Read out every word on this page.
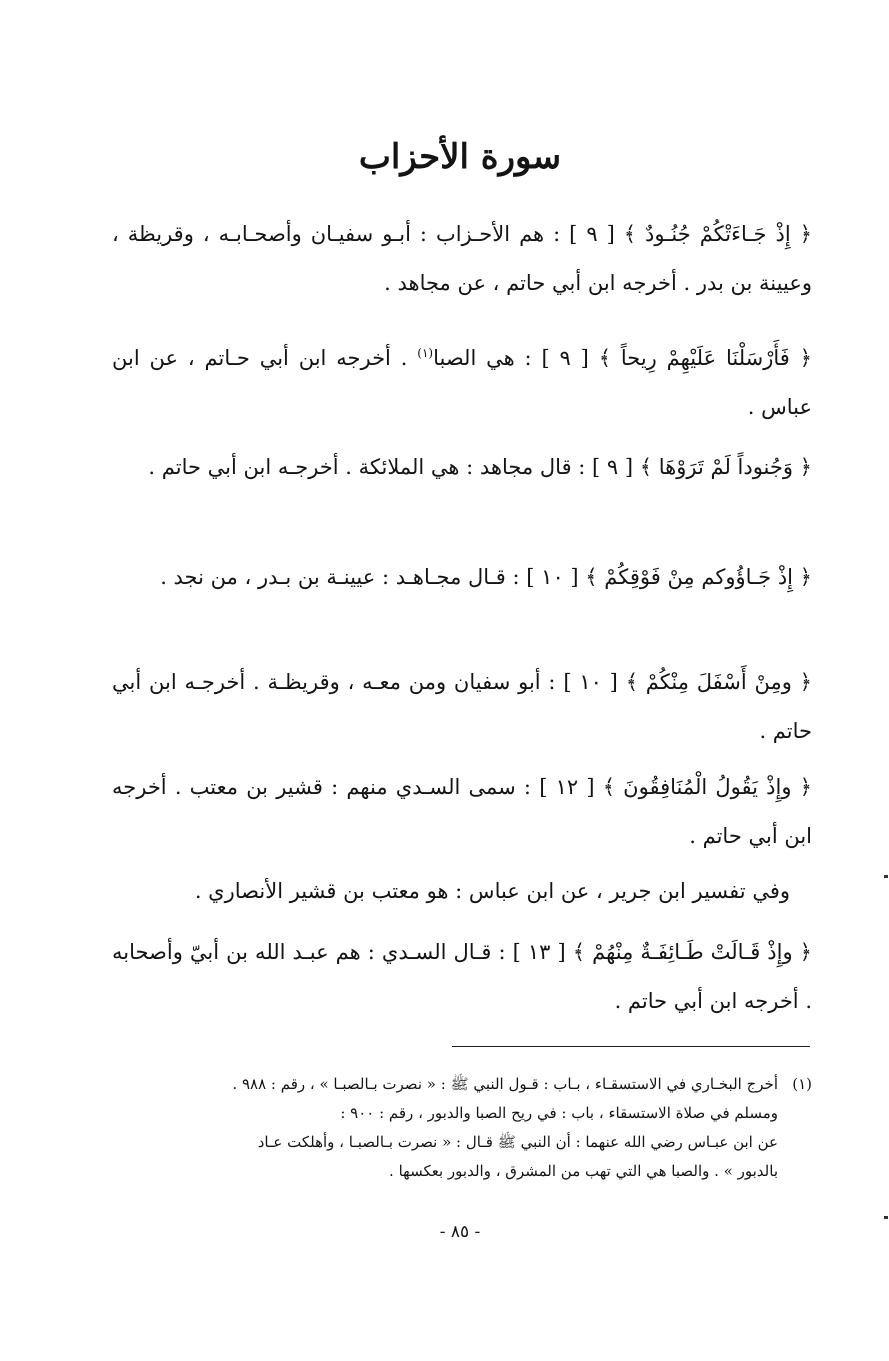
سورة الأحزاب

﴿ إِذْ جَـاءَتْكُمْ جُنُـودٌ ﴾ [ ٩ ] : هم الأحـزاب : أبـو سفيـان وأصحـابـه ، وقريظة ، وعيينة بن بدر . أخرجه ابن أبي حاتم ، عن مجاهد .

﴿ فَأَرْسَلْنَا عَلَيْهِمْ رِيحاً ﴾ [ ٩ ] : هي الصبا$^{(١)}$ . أخرجه ابن أبي حـاتم ، عن ابن عباس .

﴿ وَجُنوداً لَمْ تَرَوْهَا ﴾ [ ٩ ] : قال مجاهد : هي الملائكة . أخرجـه ابن أبي حاتم .

﴿ إِذْ جَـاؤُوكم مِنْ فَوْقِكُمْ ﴾ [ ١٠ ] : قـال مجـاهـد : عيينـة بن بـدر ، من نجد .

﴿ ومِنْ أَسْفَلَ مِنْكُمْ ﴾ [ ١٠ ] : أبو سفيان ومن معـه ، وقريظـة . أخرجـه ابن أبي حاتم .

﴿ وإِذْ يَقُولُ الْمُنَافِقُونَ ﴾ [ ١٢ ] : سمى السـدي منهم : قشير بن معتب . أخرجه ابن أبي حاتم .

وفي تفسير ابن جرير ، عن ابن عباس : هو معتب بن قشير الأنصاري .

﴿ وإِذْ قَـالَتْ طَـائِفَـةٌ مِنْهُمْ ﴾ [ ١٣ ] : قـال السـدي : هم عبـد الله بن أبيّ وأصحابه . أخرجه ابن أبي حاتم .

(١)
أخرج البخـاري في الاستسقـاء ، بـاب : قـول النبي ﷺ : « نصرت بـالصبـا » ، رقم : ٩٨٨ .
ومسلم في صلاة الاستسقاء ، باب : في ريح الصبا والدبور ، رقم : ٩٠٠ :
عن ابن عبـاس رضي الله عنهما : أن النبي ﷺ قـال : « نصرت بـالصبـا ، وأهلكت عـاد
بالدبور » . والصبا هي التي تهب من المشرق ، والدبور بعكسها .

- ٨٥ -
